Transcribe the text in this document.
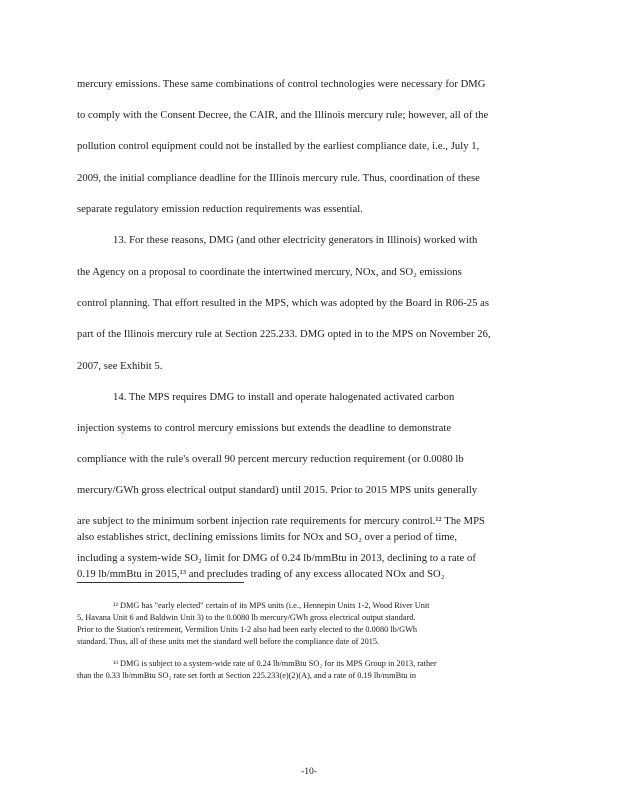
mercury emissions. These same combinations of control technologies were necessary for DMG
to comply with the Consent Decree, the CAIR, and the Illinois mercury rule; however, all of the
pollution control equipment could not be installed by the earliest compliance date, i.e., July 1,
2009, the initial compliance deadline for the Illinois mercury rule. Thus, coordination of these
separate regulatory emission reduction requirements was essential.
13. For these reasons, DMG (and other electricity generators in Illinois) worked with
the Agency on a proposal to coordinate the intertwined mercury, NOx, and SO₂ emissions
control planning. That effort resulted in the MPS, which was adopted by the Board in R06-25 as
part of the Illinois mercury rule at Section 225.233. DMG opted in to the MPS on November 26,
2007, see Exhibit 5.
14. The MPS requires DMG to install and operate halogenated activated carbon
injection systems to control mercury emissions but extends the deadline to demonstrate
compliance with the rule's overall 90 percent mercury reduction requirement (or 0.0080 lb
mercury/GWh gross electrical output standard) until 2015. Prior to 2015 MPS units generally
are subject to the minimum sorbent injection rate requirements for mercury control.¹² The MPS
also establishes strict, declining emissions limits for NOx and SO₂ over a period of time,
including a system-wide SO₂ limit for DMG of 0.24 lb/mmBtu in 2013, declining to a rate of
0.19 lb/mmBtu in 2015,¹³ and precludes trading of any excess allocated NOx and SO₂
¹² DMG has "early elected" certain of its MPS units (i.e., Hennepin Units 1-2, Wood River Unit
5, Havana Unit 6 and Baldwin Unit 3) to the 0.0080 lb mercury/GWh gross electrical output standard.
Prior to the Station's retirement, Vermilion Units 1-2 also had been early elected to the 0.0080 lb/GWh
standard. Thus, all of these units met the standard well before the compliance date of 2015.
¹³ DMG is subject to a system-wide rate of 0.24 lb/mmBtu SO₂ for its MPS Group in 2013, rather
than the 0.33 lb/mmBtu SO₂ rate set forth at Section 225.233(e)(2)(A), and a rate of 0.19 lb/mmBtu in
-10-
